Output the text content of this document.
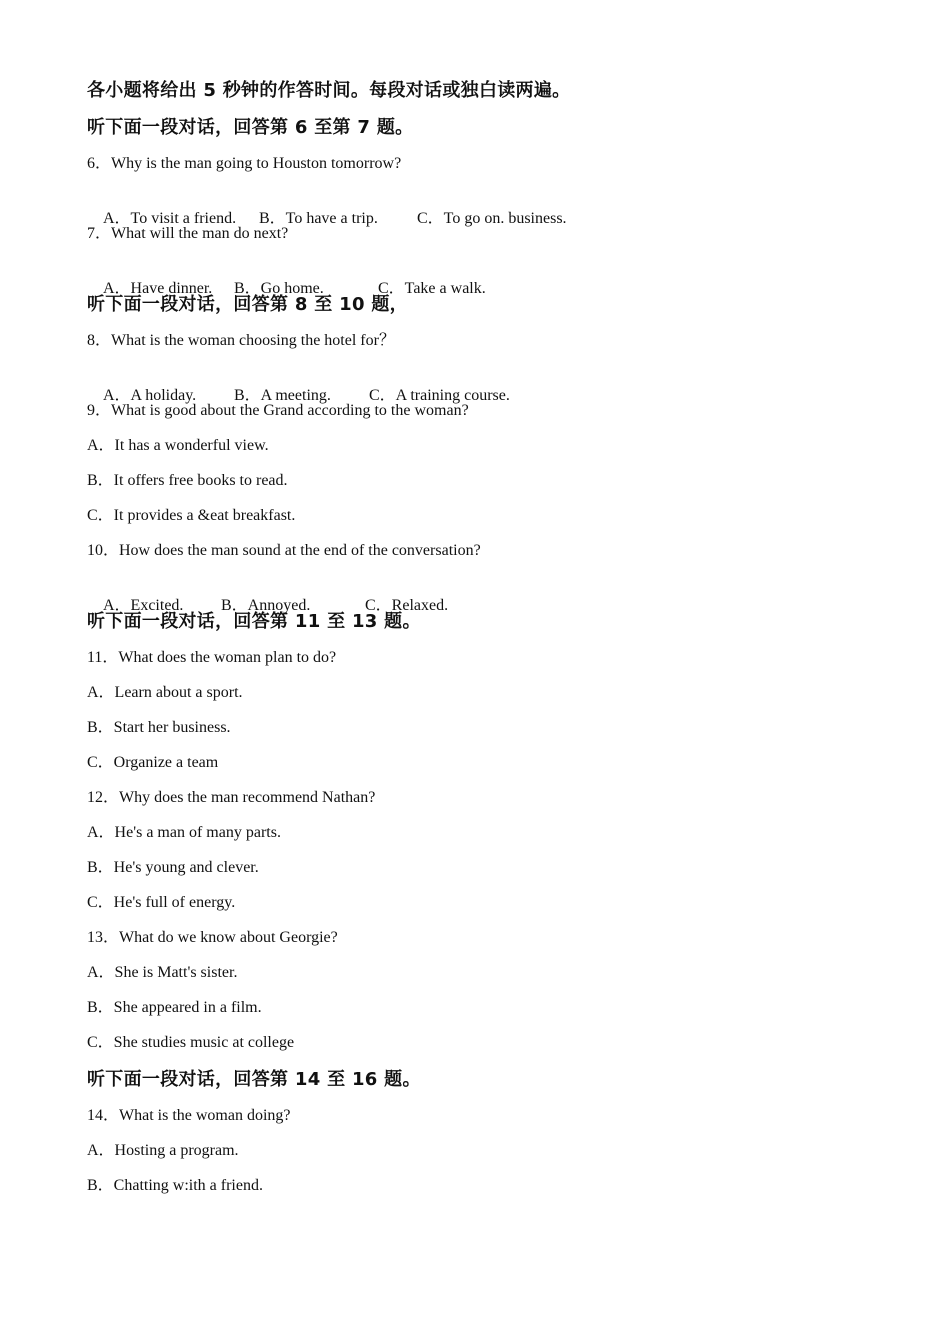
各小题将给出 5 秒钟的作答时间。每段对话或独白读两遍。
听下面一段对话，回答第 6 至第 7 题。
6．Why is the man going to Houston tomorrow?

A．To visit a friend. B．To have a trip. C．To go on. business.

7．What will the man do next?

A．Have dinner. B．Go home.	C．Take a walk.

听下面一段对话，回答第 8 至 10 题，
8．What is the woman choosing the hotel for？

A．A holiday. B．A meeting. C．A training course.

9．What is good about the Grand according to the woman?
A．It has a wonderful view.
B．It offers free books to read.
C．It provides a &eat breakfast.
10．How does the man sound at the end of the conversation?

A．Excited. B．Annoyed.	C．Relaxed.

听下面一段对话，回答第 11 至 13 题。
11．What does the woman plan to do?
A．Learn about a sport.
B．Start her business.
C．Organize a team
12．Why does the man recommend Nathan?
A．He's a man of many parts.
B．He's young and clever.
C．He's full of energy.
13．What do we know about Georgie?
A．She is Matt's sister.
B．She appeared in a film.
C．She studies music at college
听下面一段对话，回答第 14 至 16 题。
14．What is the woman doing?
A．Hosting a program.
B．Chatting w:ith a friend.
